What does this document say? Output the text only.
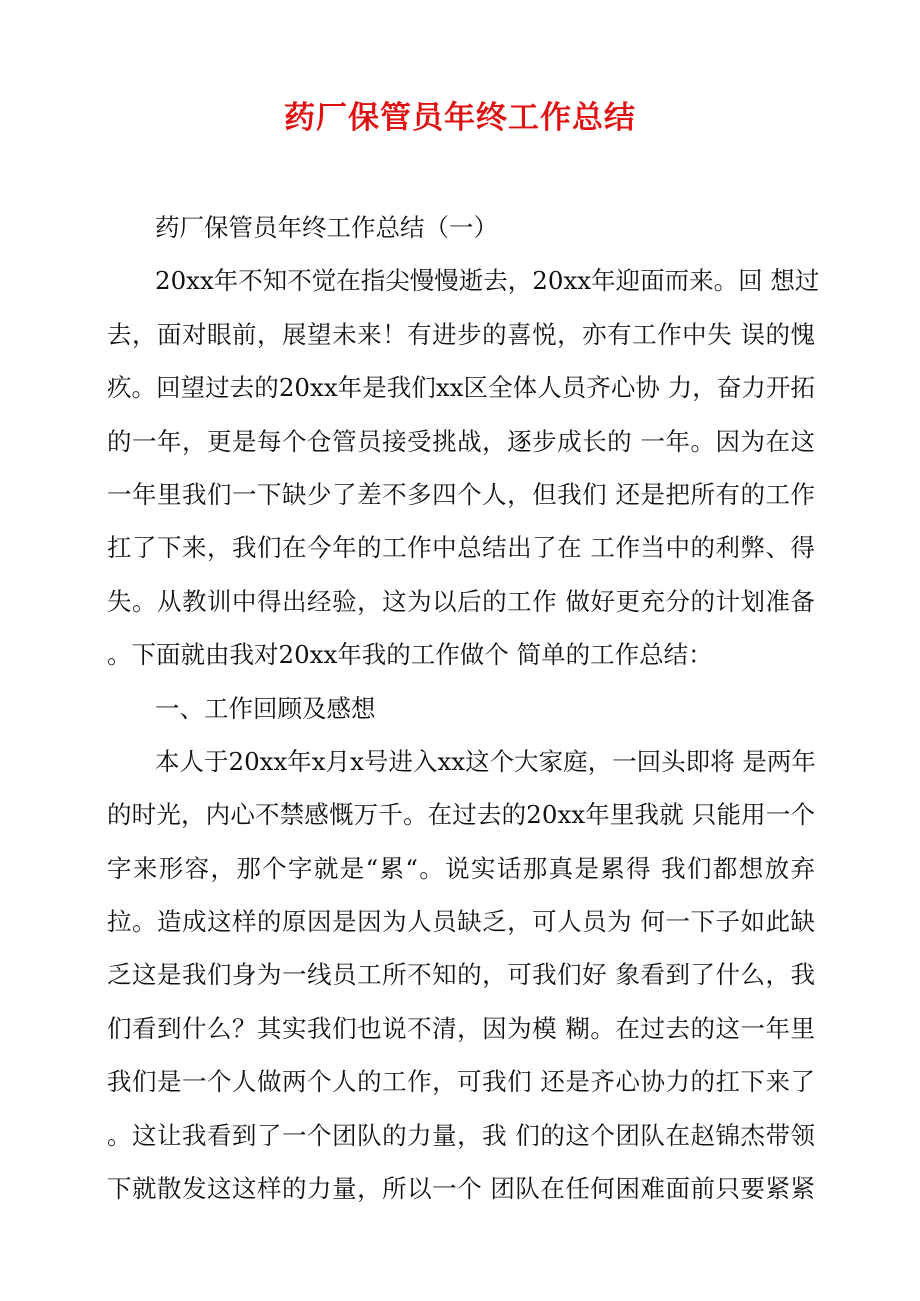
药厂保管员年终工作总结
药厂保管员年终工作总结（一）
20xx年不知不觉在指尖慢慢逝去，20xx年迎面而来。回 想过
去，面对眼前，展望未来！有进步的喜悦，亦有工作中失 误的愧
疚。回望过去的20xx年是我们xx区全体人员齐心协 力，奋力开拓
的一年，更是每个仓管员接受挑战，逐步成长的 一年。因为在这
一年里我们一下缺少了差不多四个人，但我们 还是把所有的工作
扛了下来，我们在今年的工作中总结出了在 工作当中的利弊、得
失。从教训中得出经验，这为以后的工作 做好更充分的计划准备
。下面就由我对20xx年我的工作做个 简单的工作总结：
一、工作回顾及感想
本人于20xx年x月x号进入xx这个大家庭，一回头即将 是两年
的时光，内心不禁感慨万千。在过去的20xx年里我就 只能用一个
字来形容，那个字就是“累“。说实话那真是累得 我们都想放弃
拉。造成这样的原因是因为人员缺乏，可人员为 何一下子如此缺
乏这是我们身为一线员工所不知的，可我们好 象看到了什么，我
们看到什么？其实我们也说不清，因为模 糊。在过去的这一年里
我们是一个人做两个人的工作，可我们 还是齐心协力的扛下来了
。这让我看到了一个团队的力量，我 们的这个团队在赵锦杰带领
下就散发这这样的力量，所以一个 团队在任何困难面前只要紧紧
